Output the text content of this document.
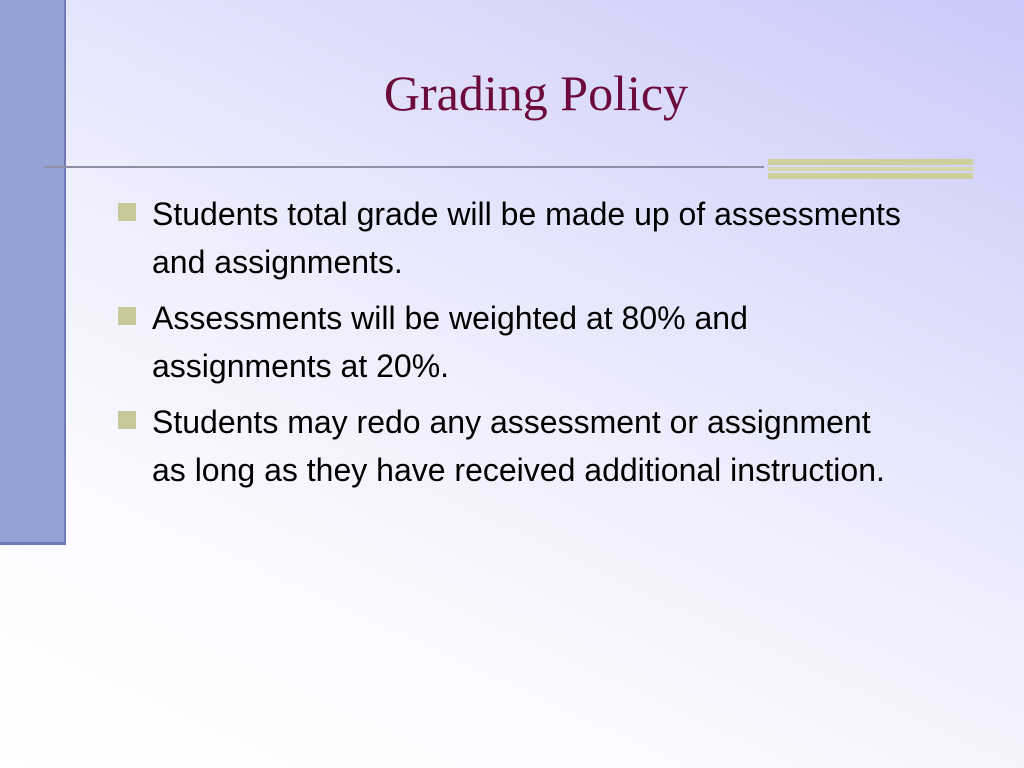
Grading Policy
Students total grade will be made up of assessments and assignments.
Assessments will be weighted at 80% and assignments at 20%.
Students may redo any assessment or assignment as long as they have received additional instruction.
